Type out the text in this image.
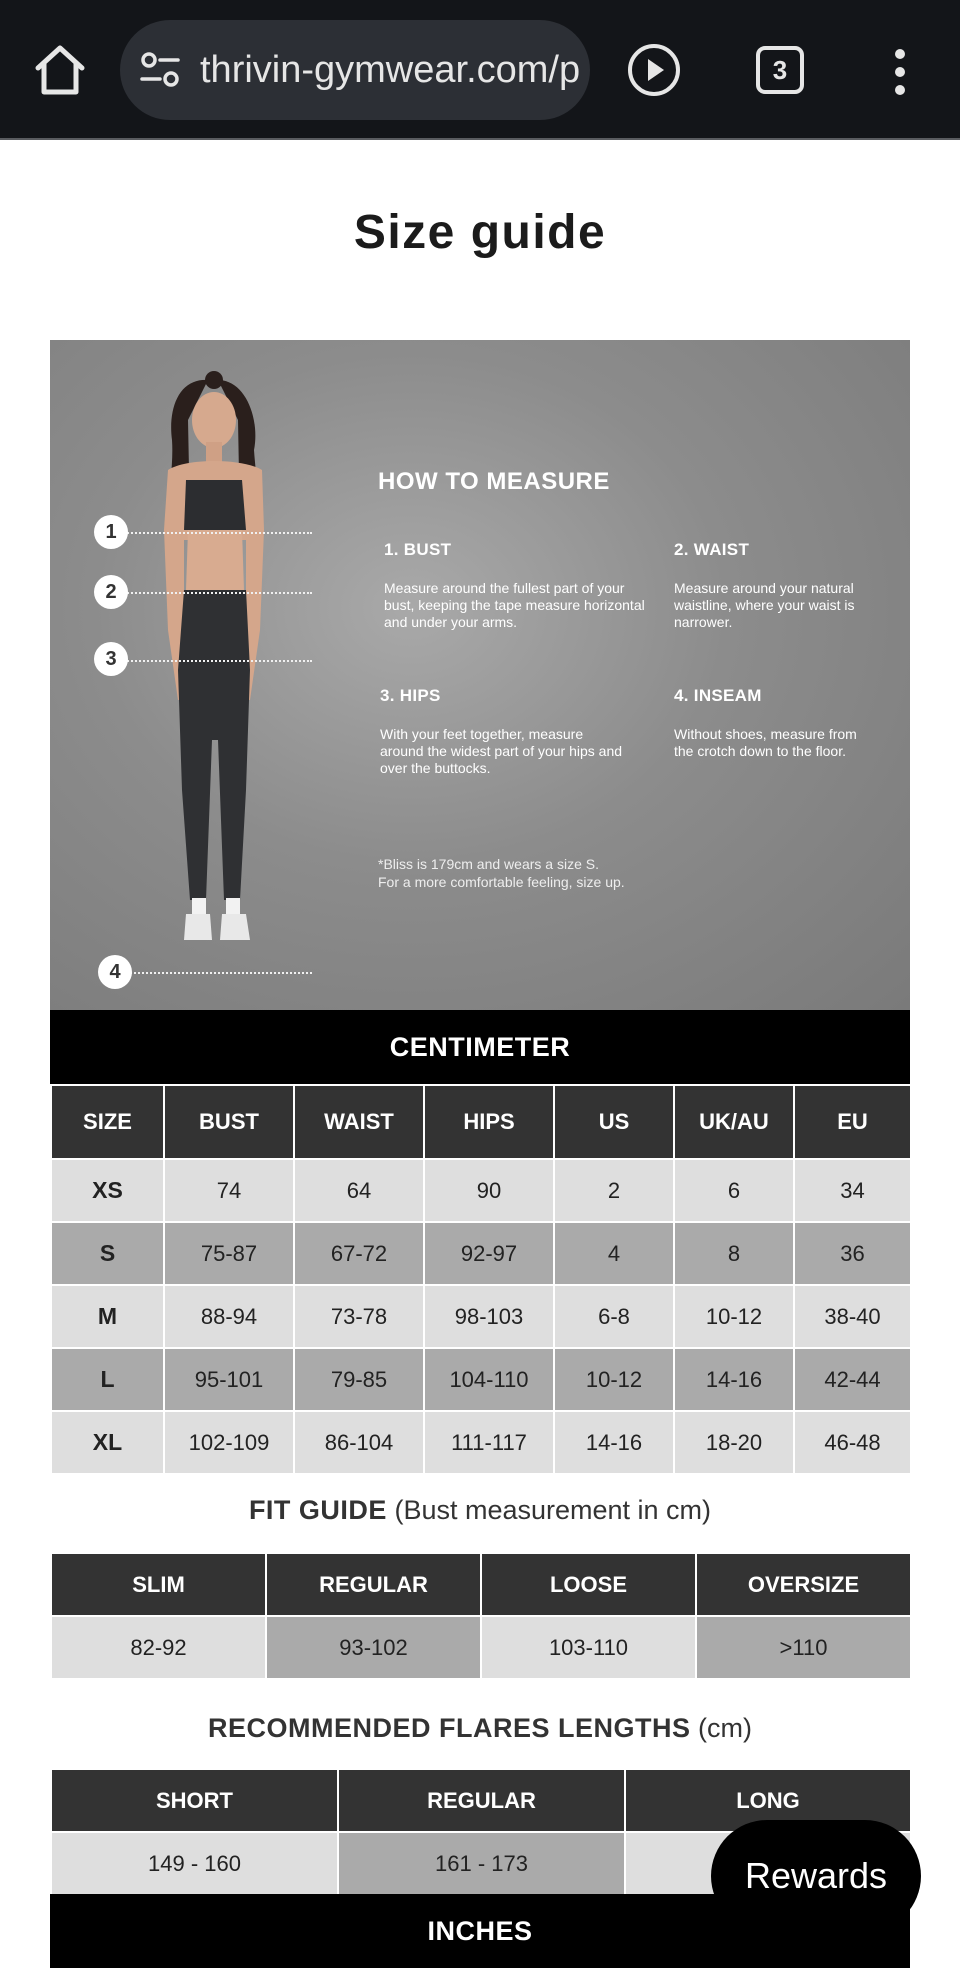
thrivin-gymwear.com/p	3
Size guide
1
2
3
4
HOW TO MEASURE
1. BUST
Measure around the fullest part of your bust, keeping the tape measure horizontal and under your arms.
2. WAIST
Measure around your natural waistline, where your waist is narrower.
3. HIPS
With your feet together, measure around the widest part of your hips and over the buttocks.
4. INSEAM
Without shoes, measure from the crotch down to the floor.
*Bliss is 179cm and wears a size S.
For a more comfortable feeling, size up.
CENTIMETER
SIZE	BUST	WAIST	HIPS	US	UK/AU	EU
XS	74	64	90	2	6	34
S	75-87	67-72	92-97	4	8	36
M	88-94	73-78	98-103	6-8	10-12	38-40
L	95-101	79-85	104-110	10-12	14-16	42-44
XL	102-109	86-104	111-117	14-16	18-20	46-48
FIT GUIDE (Bust measurement in cm)
SLIM	REGULAR	LOOSE	OVERSIZE
82-92	93-102	103-110	>110
RECOMMENDED FLARES LENGTHS (cm)
SHORT	REGULAR	LONG
149 - 160	161 - 173	
INCHES
Rewards
